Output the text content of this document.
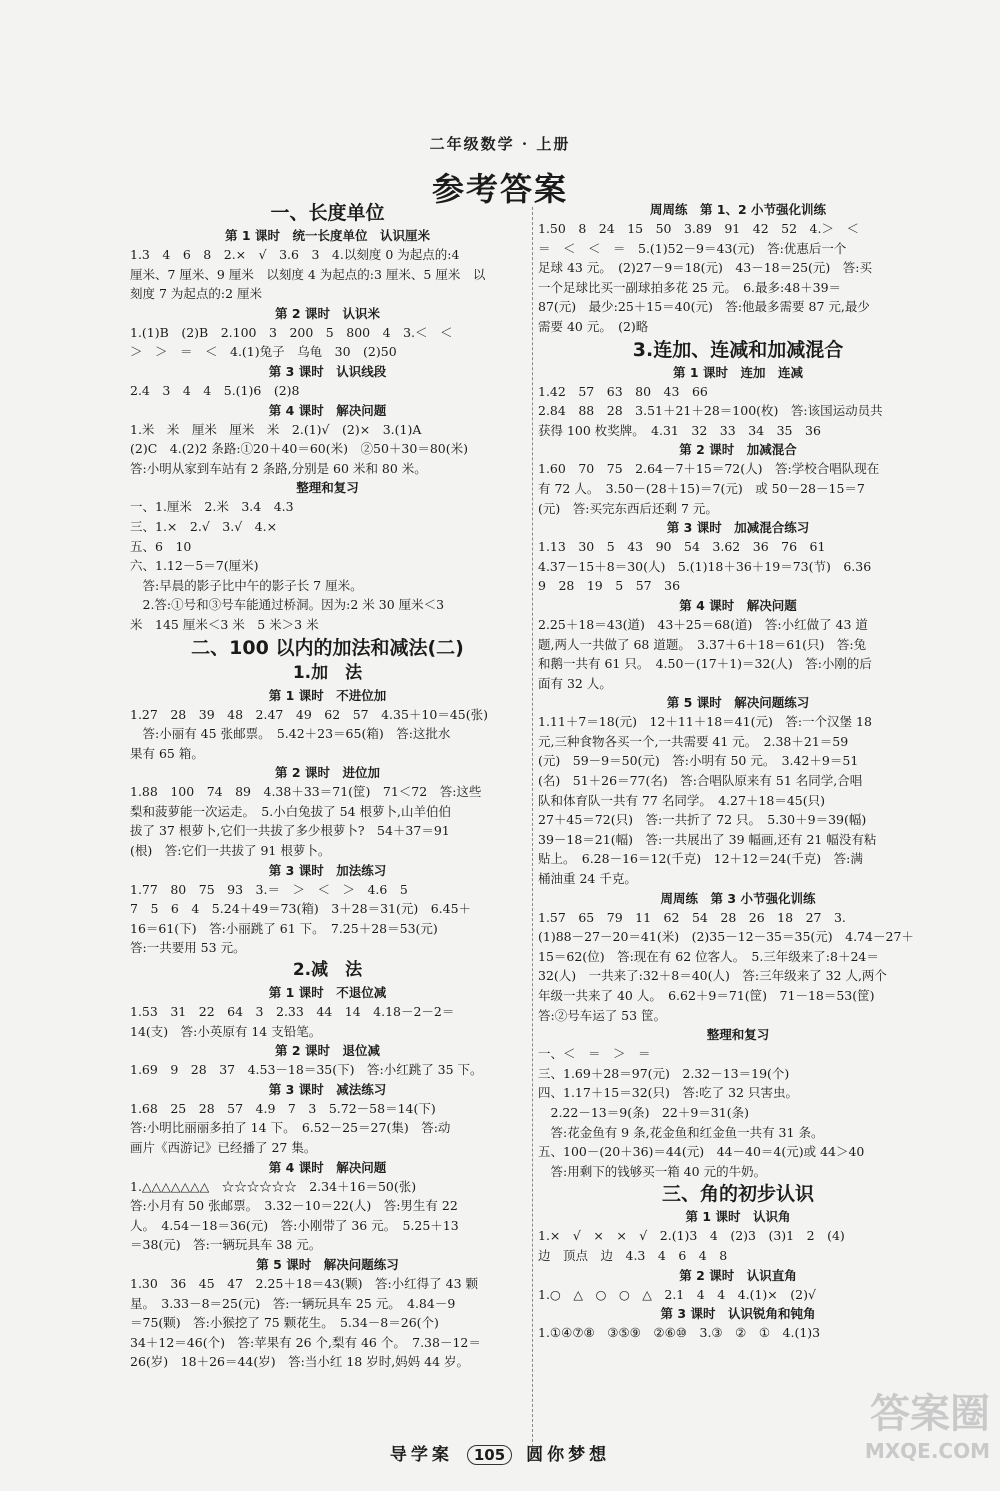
二年级数学 · 上册
参考答案
一、长度单位
第 1 课时　统一长度单位　认识厘米
1.3　4　6　8　2.×　√　3.6　3　4.以刻度 0 为起点的:4
厘米、7 厘米、9 厘米　以刻度 4 为起点的:3 厘米、5 厘米　以
刻度 7 为起点的:2 厘米
第 2 课时　认识米
1.(1)B　(2)B　2.100　3　200　5　800　4　3.＜　＜
＞　＞　＝　＜　4.(1)兔子　乌龟　30　(2)50
第 3 课时　认识线段
2.4　3　4　4　5.(1)6　(2)8
第 4 课时　解决问题
1.米　米　厘米　厘米　米　2.(1)√　(2)×　3.(1)A
(2)C　4.(2)2 条路:①20＋40＝60(米)　②50＋30＝80(米)
答:小明从家到车站有 2 条路,分别是 60 米和 80 米。
整理和复习
一、1.厘米　2.米　3.4　4.3
三、1.×　2.√　3.√　4.×
五、6　10
六、1.12－5＝7(厘米)
　答:早晨的影子比中午的影子长 7 厘米。
　2.答:①号和③号车能通过桥洞。因为:2 米 30 厘米＜3
米　145 厘米＜3 米　5 米＞3 米
二、100 以内的加法和减法(二)
1.加　法
第 1 课时　不进位加
1.27　28　39　48　2.47　49　62　57　4.35＋10＝45(张)
　答:小丽有 45 张邮票。　5.42＋23＝65(箱)　答:这批水
果有 65 箱。
第 2 课时　进位加
1.88　100　74　89　4.38＋33＝71(筐)　71＜72　答:这些
梨和菠萝能一次运走。　5.小白兔拔了 54 根萝卜,山羊伯伯
拔了 37 根萝卜,它们一共拔了多少根萝卜?　54＋37＝91
(根)　答:它们一共拔了 91 根萝卜。
第 3 课时　加法练习
1.77　80　75　93　3.＝　＞　＜　＞　4.6　5
7　5　6　4　5.24＋49＝73(箱)　3＋28＝31(元)　6.45＋
16＝61(下)　答:小丽跳了 61 下。　7.25＋28＝53(元)
答:一共要用 53 元。
2.减　法
第 1 课时　不退位减
1.53　31　22　64　3　2.33　44　14　4.18－2－2＝
14(支)　答:小英原有 14 支铅笔。
第 2 课时　退位减
1.69　9　28　37　4.53－18＝35(下)　答:小红跳了 35 下。
第 3 课时　减法练习
1.68　25　28　57　4.9　7　3　5.72－58＝14(下)
答:小明比丽丽多拍了 14 下。　6.52－25＝27(集)　答:动
画片《西游记》已经播了 27 集。
第 4 课时　解决问题
1.△△△△△△△　☆☆☆☆☆☆　2.34＋16＝50(张)
答:小月有 50 张邮票。　3.32－10＝22(人)　答:男生有 22
人。　4.54－18＝36(元)　答:小刚带了 36 元。　5.25＋13
＝38(元)　答:一辆玩具车 38 元。
第 5 课时　解决问题练习
1.30　36　45　47　2.25＋18＝43(颗)　答:小红得了 43 颗
星。　3.33－8＝25(元)　答:一辆玩具车 25 元。　4.84－9
＝75(颗)　答:小猴挖了 75 颗花生。　5.34－8＝26(个)
34＋12＝46(个)　答:苹果有 26 个,梨有 46 个。　7.38－12＝
26(岁)　18＋26＝44(岁)　答:当小红 18 岁时,妈妈 44 岁。
周周练　第 1、2 小节强化训练
1.50　8　24　15　50　3.89　91　42　52　4.＞　＜
＝　＜　＜　＝　5.(1)52－9＝43(元)　答:优惠后一个
足球 43 元。　(2)27－9＝18(元)　43－18＝25(元)　答:买
一个足球比买一副球拍多花 25 元。　6.最多:48＋39＝
87(元)　最少:25＋15＝40(元)　答:他最多需要 87 元,最少
需要 40 元。　(2)略
3.连加、连减和加减混合
第 1 课时　连加　连减
1.42　57　63　80　43　66
2.84　88　28　3.51＋21＋28＝100(枚)　答:该国运动员共
获得 100 枚奖牌。　4.31　32　33　34　35　36
第 2 课时　加减混合
1.60　70　75　2.64－7＋15＝72(人)　答:学校合唱队现在
有 72 人。　3.50－(28＋15)＝7(元)　或 50－28－15＝7
(元)　答:买完东西后还剩 7 元。
第 3 课时　加减混合练习
1.13　30　5　43　90　54　3.62　36　76　61
4.37－15＋8＝30(人)　5.(1)18＋36＋19＝73(节)　6.36
9　28　19　5　57　36
第 4 课时　解决问题
2.25＋18＝43(道)　43＋25＝68(道)　答:小红做了 43 道
题,两人一共做了 68 道题。　3.37＋6＋18＝61(只)　答:兔
和鹅一共有 61 只。　4.50－(17＋1)＝32(人)　答:小刚的后
面有 32 人。
第 5 课时　解决问题练习
1.11＋7＝18(元)　12＋11＋18＝41(元)　答:一个汉堡 18
元,三种食物各买一个,一共需要 41 元。　2.38＋21＝59
(元)　59－9＝50(元)　答:小明有 50 元。　3.42＋9＝51
(名)　51＋26＝77(名)　答:合唱队原来有 51 名同学,合唱
队和体育队一共有 77 名同学。　4.27＋18＝45(只)
27＋45＝72(只)　答:一共折了 72 只。　5.30＋9＝39(幅)
39－18＝21(幅)　答:一共展出了 39 幅画,还有 21 幅没有粘
贴上。　6.28－16＝12(千克)　12＋12＝24(千克)　答:满
桶油重 24 千克。
周周练　第 3 小节强化训练
1.57　65　79　11　62　54　28　26　18　27　3.
(1)88－27－20＝41(米)　(2)35－12－35＝35(元)　4.74－27＋
15＝62(位)　答:现在有 62 位客人。　5.三年级来了:8＋24＝
32(人)　一共来了:32＋8＝40(人)　答:三年级来了 32 人,两个
年级一共来了 40 人。　6.62＋9＝71(筐)　71－18＝53(筐)
答:②号车运了 53 筐。
整理和复习
一、＜　＝　＞　＝
三、1.69＋28＝97(元)　2.32－13＝19(个)
四、1.17＋15＝32(只)　答:吃了 32 只害虫。
　2.22－13＝9(条)　22＋9＝31(条)
　答:花金鱼有 9 条,花金鱼和红金鱼一共有 31 条。
五、100－(20＋36)＝44(元)　44－40＝4(元)或 44＞40
　答:用剩下的钱够买一箱 40 元的牛奶。
三、角的初步认识
第 1 课时　认识角
1.×　√　×　×　√　2.(1)3　4　(2)3　(3)1　2　(4)
边　顶点　边　4.3　4　6　4　8
第 2 课时　认识直角
1.○　△　○　○　△　2.1　4　4　4.(1)×　(2)√
第 3 课时　认识锐角和钝角
1.①④⑦⑧　③⑤⑨　②⑥⑩　3.③　②　①　4.(1)3
导学案 105 圆你梦想
答案圈
MXQE.COM
